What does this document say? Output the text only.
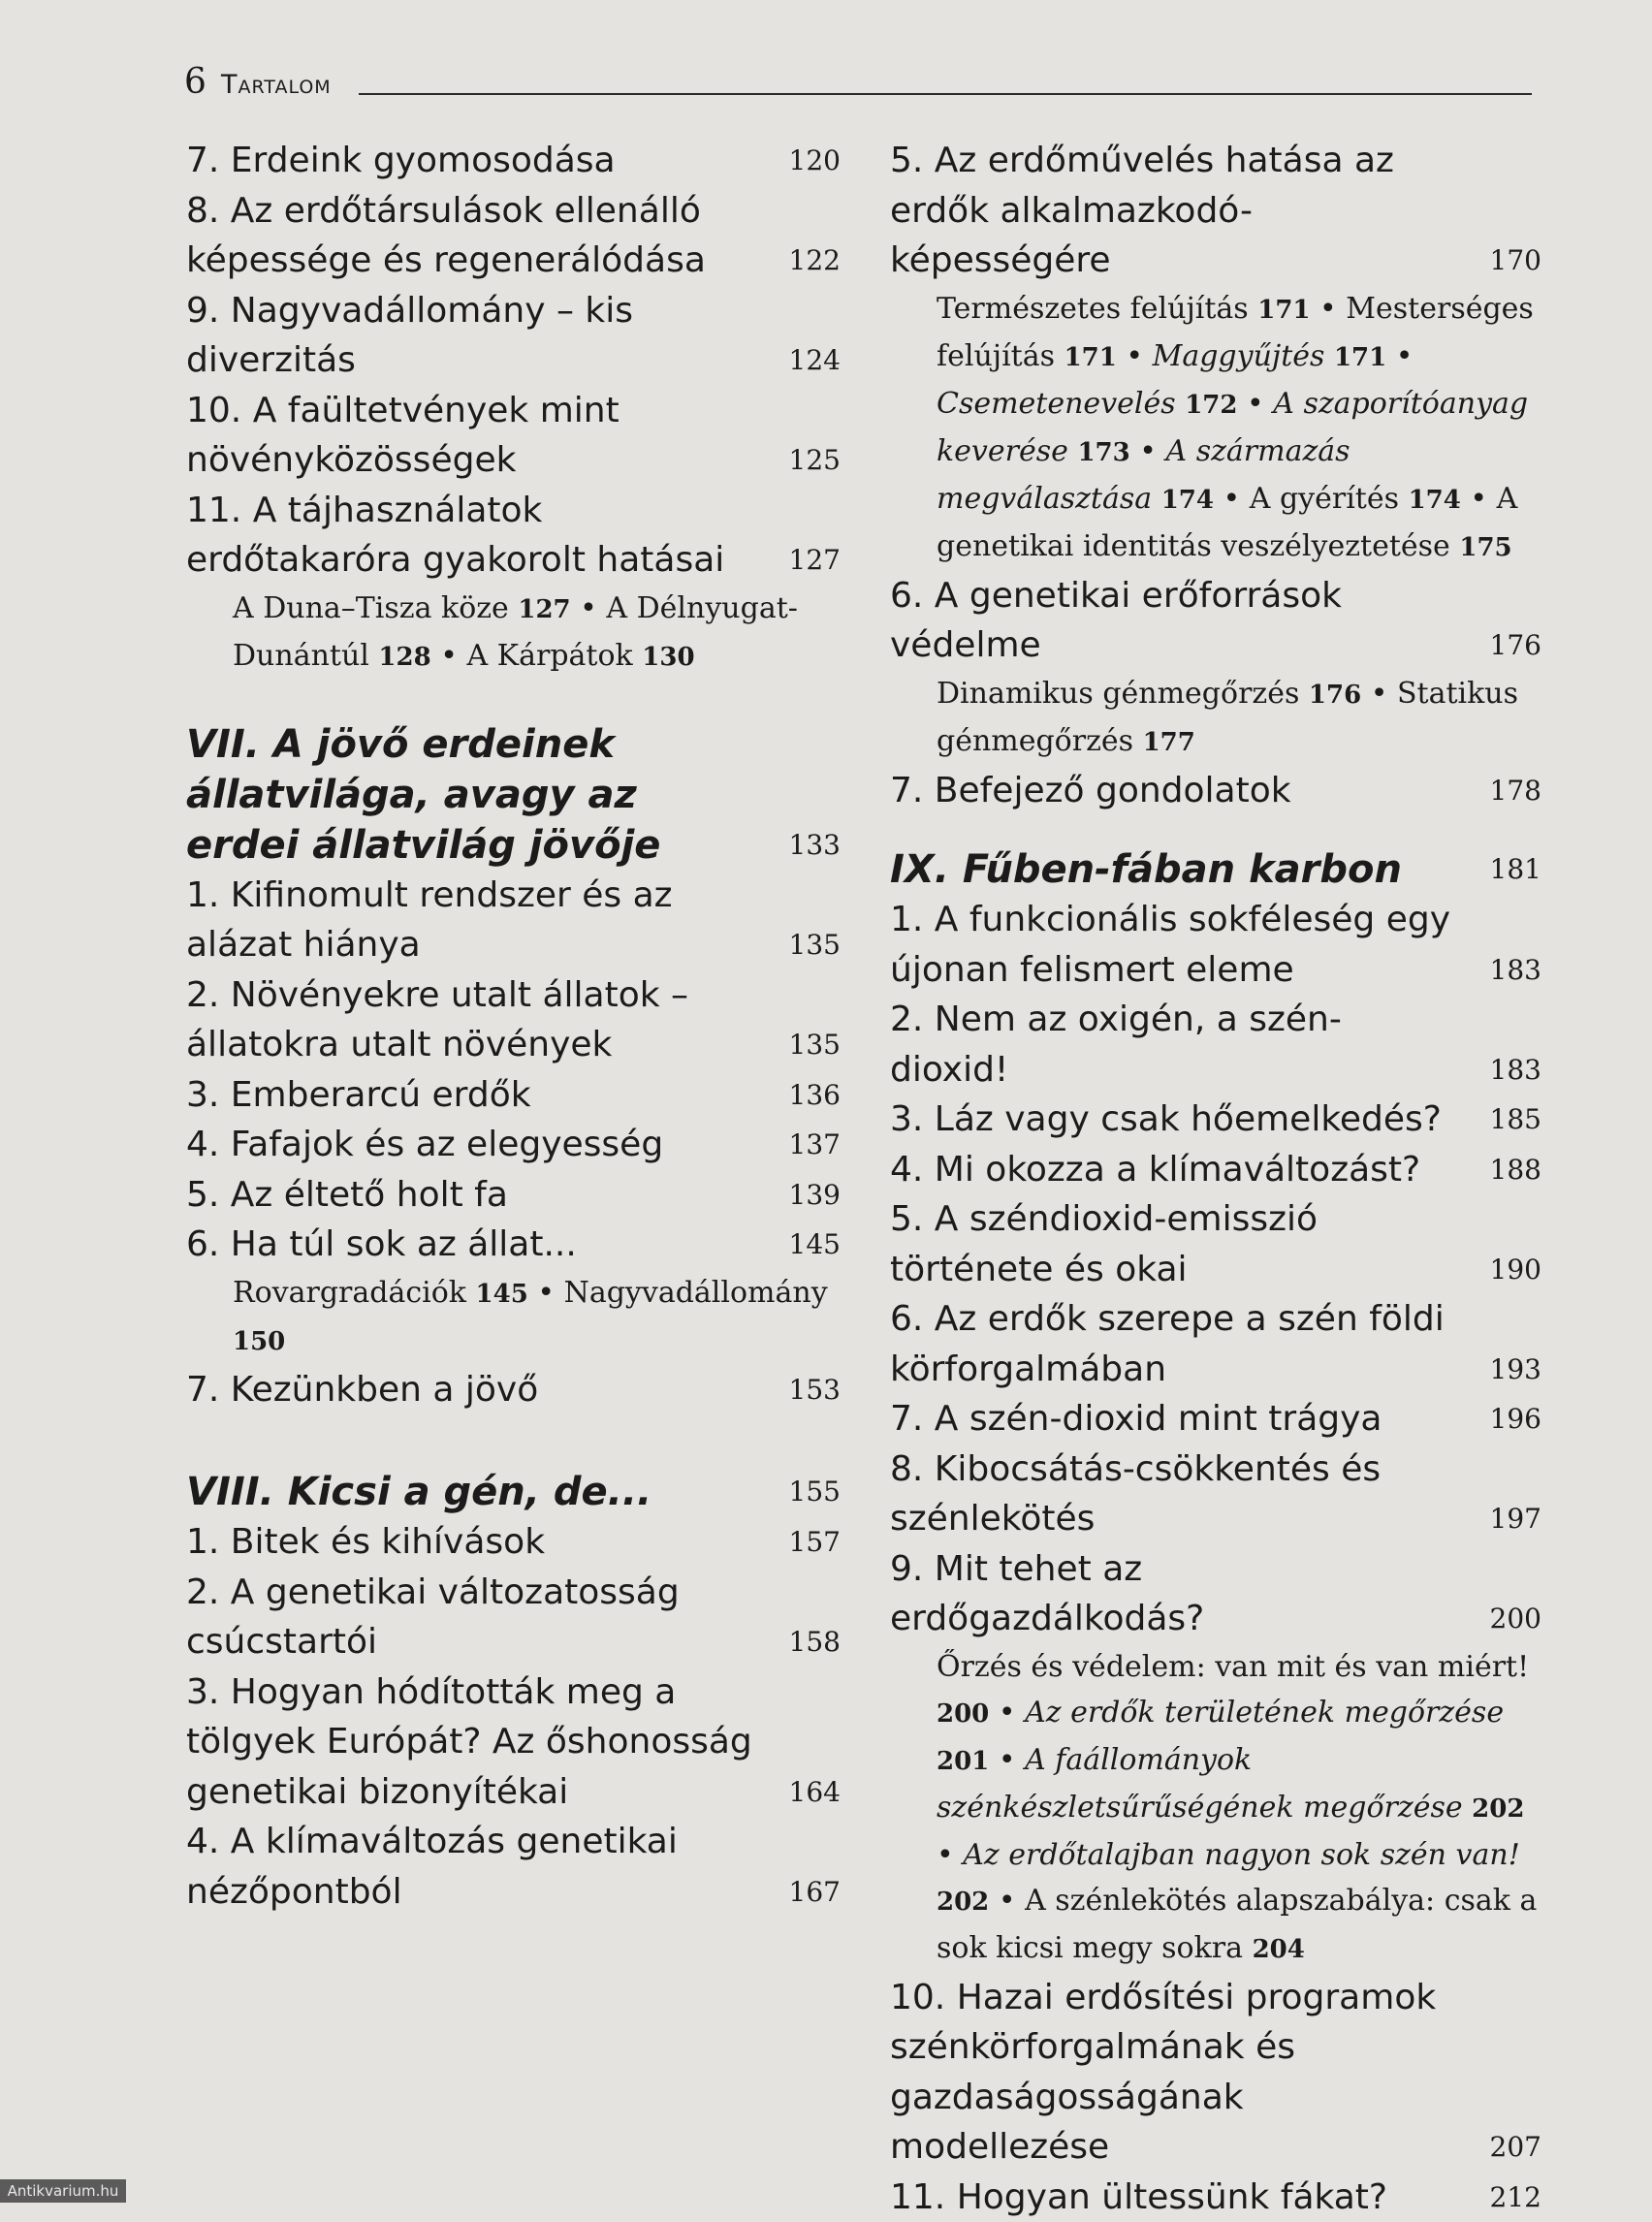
6 Tartalom
7. Erdeink gyomosodása	120
8. Az erdőtársulások ellenálló képessége és regenerálódása	122
9. Nagyvadállomány – kis diverzitás	124
10. A faültetvények mint növényközösségek	125
11. A tájhasználatok erdőtakaróra gyakorolt hatásai	127
A Duna–Tisza köze 127 • A Délnyugat-Dunántúl 128 • A Kárpátok 130
VII. A jövő erdeinek állatvilága, avagy az erdei állatvilág jövője	133
1. Kifinomult rendszer és az alázat hiánya	135
2. Növényekre utalt állatok – állatokra utalt növények	135
3. Emberarcú erdők	136
4. Fafajok és az elegyesség	137
5. Az éltető holt fa	139
6. Ha túl sok az állat...	145
Rovargradációk 145 • Nagyvadállomány 150
7. Kezünkben a jövő	153
VIII. Kicsi a gén, de...	155
1. Bitek és kihívások	157
2. A genetikai változatosság csúcstartói	158
3. Hogyan hódították meg a tölgyek Európát? Az őshonosság genetikai bizonyítékai	164
4. A klímaváltozás genetikai nézőpontból	167
5. Az erdőművelés hatása az erdők alkalmazkodó-képességére	170
Természetes felújítás 171 • Mesterséges felújítás 171 • Maggyűjtés 171 • Csemetenevelés 172 • A szaporítóanyag keverése 173 • A származás megválasztása 174 • A gyérítés 174 • A genetikai identitás veszélyeztetése 175
6. A genetikai erőforrások védelme	176
Dinamikus génmegőrzés 176 • Statikus génmegőrzés 177
7. Befejező gondolatok	178
IX. Fűben-fában karbon	181
1. A funkcionális sokféleség egy újonan felismert eleme	183
2. Nem az oxigén, a szén-dioxid!	183
3. Láz vagy csak hőemelkedés?	185
4. Mi okozza a klímaváltozást?	188
5. A széndioxid-emisszió története és okai	190
6. Az erdők szerepe a szén földi körforgalmában	193
7. A szén-dioxid mint trágya	196
8. Kibocsátás-csökkentés és szénlekötés	197
9. Mit tehet az erdőgazdálkodás?	200
Őrzés és védelem: van mit és van miért! 200 • Az erdők területének megőrzése 201 • A faállományok szénkészletsűrűségének megőrzése 202 • Az erdőtalajban nagyon sok szén van! 202 • A szénlekötés alapszabálya: csak a sok kicsi megy sokra 204
10. Hazai erdősítési programok szénkörforgalmának és gazdaságosságának modellezése	207
11. Hogyan ültessünk fákat?	212
Antikvarium.hu
